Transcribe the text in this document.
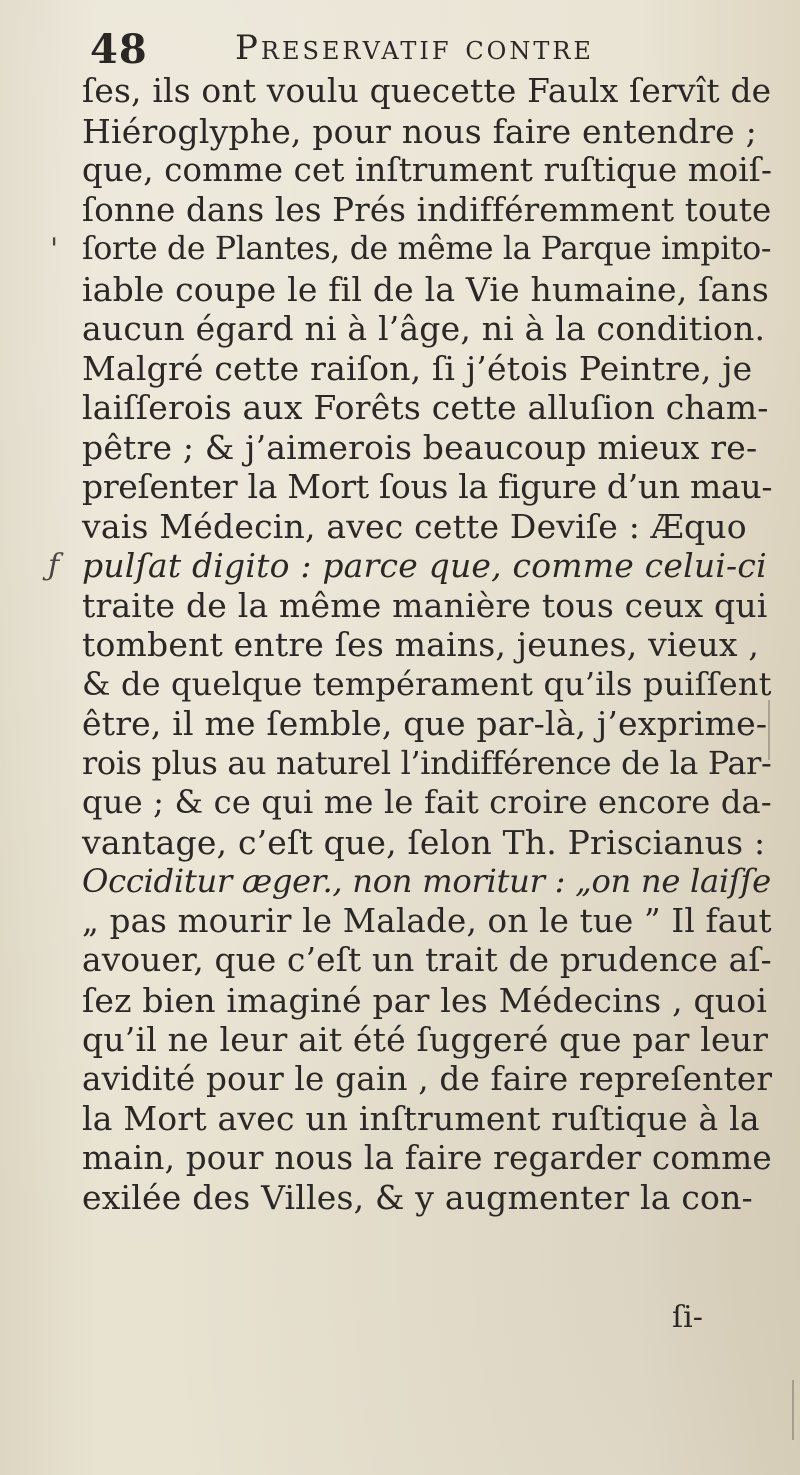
48	Preservatif contre
'
ƒ
ſes, ils ont voulu quecette Faulx ſervît de
Hiéroglyphe, pour nous faire entendre ;
que, comme cet inſtrument ruſtique moiſ-
ſonne dans les Prés indifféremment toute
ſorte de Plantes, de même la Parque impito-
iable coupe le fil de la Vie humaine, ſans
aucun égard ni à l’âge, ni à la condition.
Malgré cette raiſon, ſi j’étois Peintre, je
laiſſerois aux Forêts cette alluſion cham-
pêtre ; & j’aimerois beaucoup mieux re-
preſenter la Mort ſous la figure d’un mau-
vais Médecin, avec cette Deviſe : Æquo
pulſat digito : parce que, comme celui-ci
traite de la même manière tous ceux qui
tombent entre ſes mains, jeunes, vieux ,
& de quelque tempérament qu’ils puiſſent
être, il me ſemble, que par-là, j’exprime-
rois plus au naturel l’indifférence de la Par-
que ; & ce qui me le fait croire encore da-
vantage, c’eſt que, ſelon Th. Priscianus :
Occiditur æger., non moritur : „on ne laiſſe
„ pas mourir le Malade, on le tue ” Il faut
avouer, que c’eſt un trait de prudence aſ-
ſez bien imaginé par les Médecins , quoi
qu’il ne leur ait été ſuggeré que par leur
avidité pour le gain , de faire repreſenter
la Mort avec un inſtrument ruſtique à la
main, pour nous la faire regarder comme
exilée des Villes, & y augmenter la con-
ſi-
